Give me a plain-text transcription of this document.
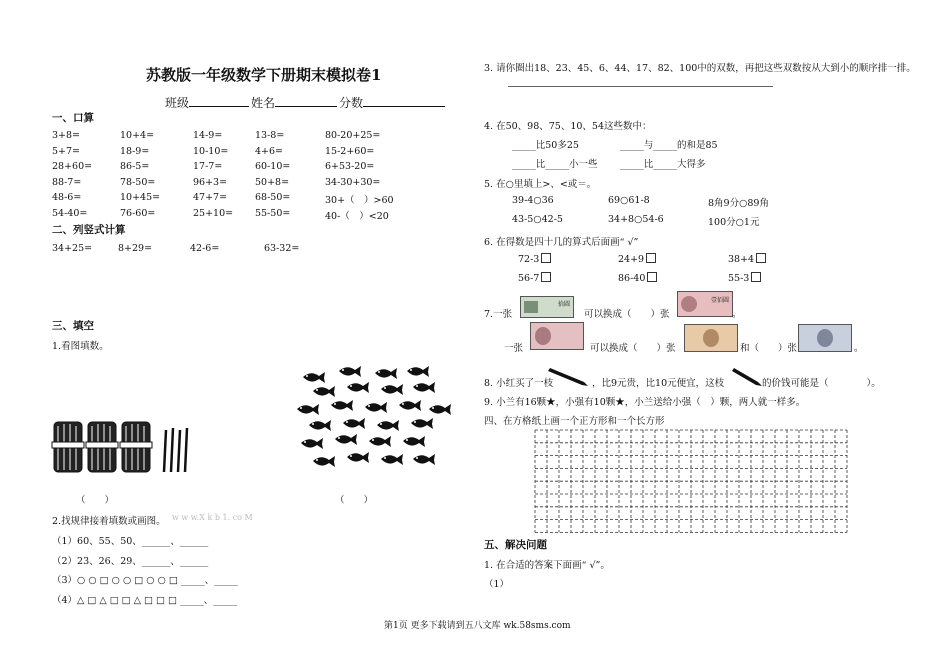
苏教版一年级数学下册期末模拟卷1
班级	姓名	分数
一、口算
3+8=	10+4=	14-9=	13-8=	80-20+25=
5+7=	18-9=	10-10=	4+6=	15-2+60=
28+60=	86-5=	17-7=	60-10=	6+53-20=
88-7=	78-50=	96+3=	50+8=	34-30+30=
48-6=	10+45=	47+7=	68-50=	30+（　）>60
54-40=	76-60=	25+10= 55-50=	40-（　）<20
二、列竖式计算
34+25=	8+29=	42-6=	63-32=
三、填空
1.看图填数。
（　　）	（　　）
2.找规律接着填数或画图。 w w w.X k b 1. co M
（1）60、55、50、______、______
（2）23、26、29、______、______
（3）○ ○ □ ○ ○ □ ○ ○ □ _____、_____
（4）△ □ △ □ □ △ □ □ □ _____、_____
3. 请你圈出18、23、45、6、44、17、82、100中的双数，再把这些双数按从大到小的顺序排一排。
4. 在50、98、75、10、54这些数中：
_____比50多25	_____与_____的和是85
_____比_____小一些 _____比_____大得多
5. 在○里填上>、<或＝。
39-4○36	69○61-8	8角9分○89角
43-5○42-5	34+8○54-6	100分○1元
6. 在得数是四十几的算式后面画“ √”
72-3	24+9	38+4
56-7	86-40	55-3
7.一张
拾圆
可以换成（　　）张
壹佰圆
。
一张	可以换成（　　）张	和（　　）张	。
8. 小红买了一枝	，比9元贵，比10元便宜，这枝	的价钱可能是（　　　　）。
9. 小兰有16颗★，小强有10颗★，小兰送给小强（　）颗，两人就一样多。
四、在方格纸上画一个正方形和一个长方形
五、解决问题
1. 在合适的答案下面画“ √”。
（1）
第1页 更多下载请到五八文库 wk.58sms.com
